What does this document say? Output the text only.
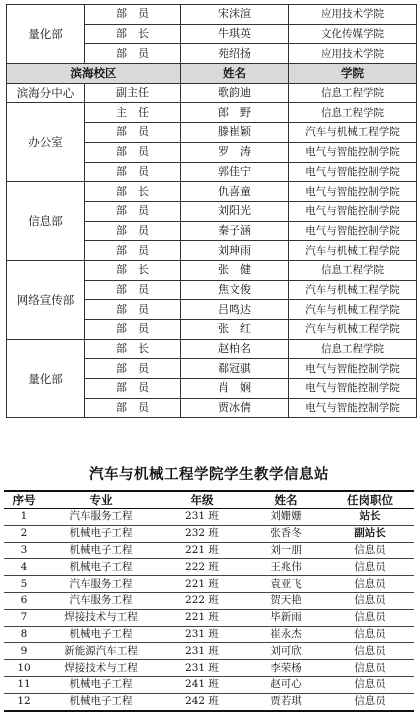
量化部	部　员	宋沫渲	应用技术学院
	部　长	牛琪英	文化传媒学院
	部　员	苑绍扬	应用技术学院
滨海校区		姓名	学院
滨海分中心	副主任	歌韵迪	信息工程学院
办公室	主　任	郎　野	信息工程学院
	部　员	滕崔颖	汽车与机械工程学院
	部　员	罗　涛	电气与智能控制学院
	部　员	郭佳宁	电气与智能控制学院
信息部	部　长	仇喜童	电气与智能控制学院
	部　员	刘阳光	电气与智能控制学院
	部　员	秦子涵	电气与智能控制学院
	部　员	刘珅雨	汽车与机械工程学院
网络宣传部	部　长	张　健	信息工程学院
	部　员	焦文俊	汽车与机械工程学院
	部　员	吕鸣达	汽车与机械工程学院
	部　员	张　红	汽车与机械工程学院
量化部	部　长	赵柏名	信息工程学院
	部　员	郗冠骐	电气与智能控制学院
	部　员	肖　娴	电气与智能控制学院
	部　员	贾冰倩	电气与智能控制学院
汽车与机械工程学院学生教学信息站
序号	专业	年级	姓名	任岗职位
1	汽车服务工程	231 班	刘姗姗	站长
2	机械电子工程	232 班	张香冬	副站长
3	机械电子工程	221 班	刘一朋	信息员
4	机械电子工程	222 班	王兆伟	信息员
5	汽车服务工程	221 班	袁亚飞	信息员
6	汽车服务工程	222 班	贺天艳	信息员
7	焊接技术与工程	221 班	毕新雨	信息员
8	机械电子工程	231 班	崔永杰	信息员
9	新能源汽车工程	231 班	刘可欣	信息员
10	焊接技术与工程	231 班	李荣杨	信息员
11	机械电子工程	241 班	赵可心	信息员
12	机械电子工程	242 班	贾若琪	信息员
